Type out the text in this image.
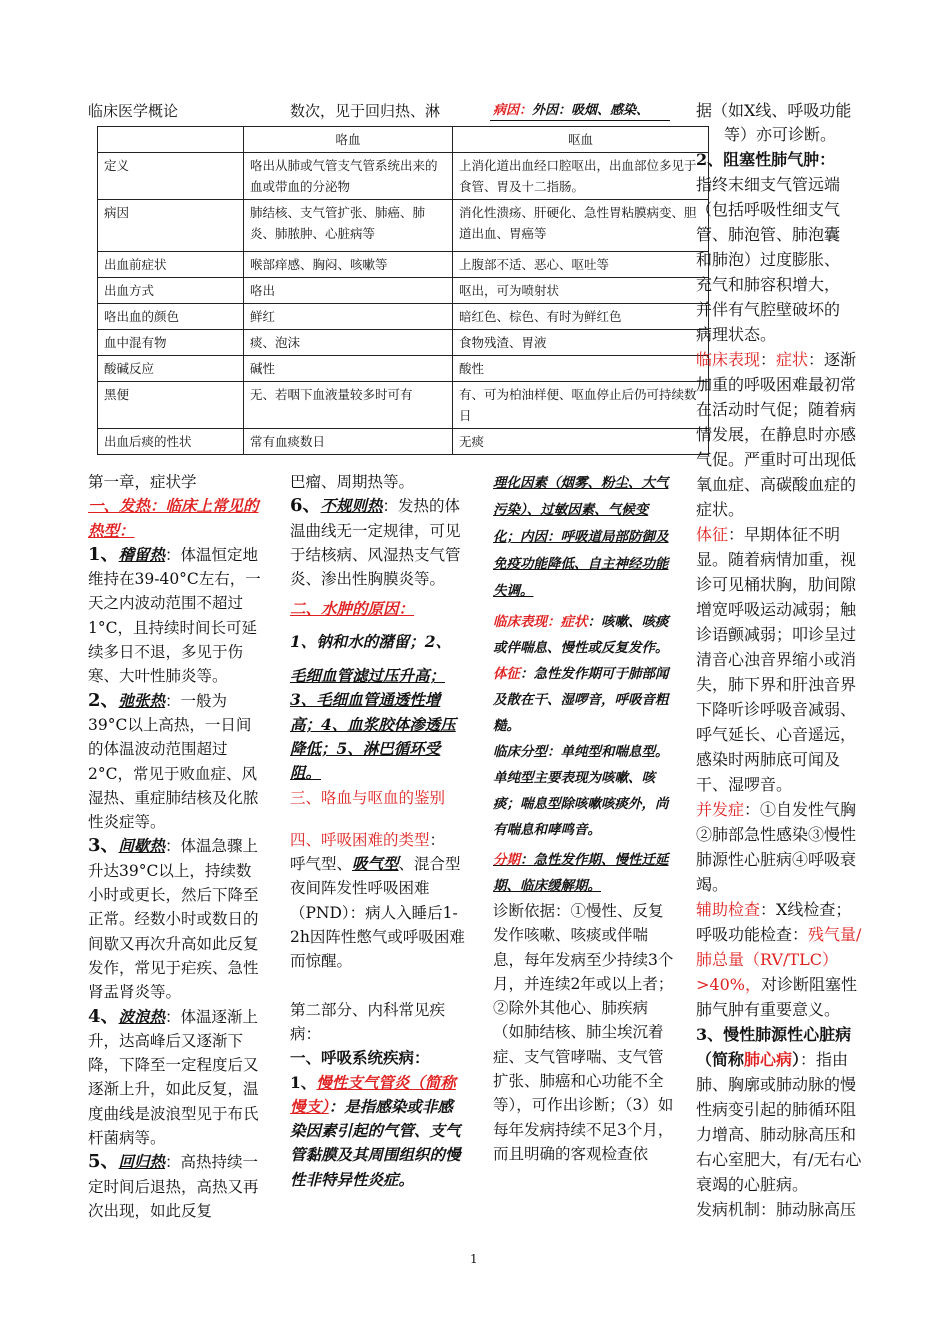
临床医学概论	数次，见于回归热、淋	病因：外因：吸烟、感染、	据（如X线、呼吸功能
	咯血	呕血
定义	咯出从肺或气管支气管系统出来的血或带血的分泌物	上消化道出血经口腔呕出，出血部位多见于食管、胃及十二指肠。
病因	肺结核、支气管扩张、肺癌、肺炎、肺脓肿、心脏病等	消化性溃疡、肝硬化、急性胃粘膜病变、胆道出血、胃癌等
出血前症状	喉部痒感、胸闷、咳嗽等	上腹部不适、恶心、呕吐等
出血方式	咯出	呕出，可为喷射状
咯出血的颜色	鲜红	暗红色、棕色、有时为鲜红色
血中混有物	痰、泡沫	食物残渣、胃液
酸碱反应	碱性	酸性
黑便	无、若咽下血液量较多时可有	有、可为柏油样便、呕血停止后仍可持续数日
出血后痰的性状	常有血痰数日	无痰

第一章，症状学

一、发热：临床上常见的热型：

1、稽留热：体温恒定地维持在39-40°C左右，一天之内波动范围不超过1°C，且持续时间长可延续多日不退，多见于伤寒、大叶性肺炎等。

2、弛张热：一般为39°C以上高热，一日间的体温波动范围超过2°C，常见于败血症、风湿热、重症肺结核及化脓性炎症等。

3、间歇热：体温急骤上升达39°C以上，持续数小时或更长，然后下降至正常。经数小时或数日的间歇又再次升高如此反复发作，常见于疟疾、急性肾盂肾炎等。

4、波浪热：体温逐渐上升，达高峰后又逐渐下降，下降至一定程度后又逐渐上升，如此反复，温度曲线是波浪型见于布氏杆菌病等。

5、回归热：高热持续一定时间后退热，高热又再次出现，如此反复

巴瘤、周期热等。

6、不规则热：发热的体温曲线无一定规律，可见于结核病、风湿热支气管炎、渗出性胸膜炎等。

二、水肿的原因：

1、钠和水的潴留；2、

毛细血管滤过压升高；

3、毛细血管通透性增高；4、血浆胶体渗透压降低；5、淋巴循环受阻。

三、咯血与呕血的鉴别

四、呼吸困难的类型：

呼气型、吸气型、混合型

夜间阵发性呼吸困难（PND）：病人入睡后1-2h因阵性憋气或呼吸困难而惊醒。

第二部分、内科常见疾病：

一、呼吸系统疾病：

1、慢性支气管炎（简称慢支）：是指感染或非感染因素引起的气管、支气管黏膜及其周围组织的慢性非特异性炎症。

理化因素（烟雾、粉尘、大气污染）、过敏因素、气候变化；内因：呼吸道局部防御及免疫功能降低、自主神经功能失调。

临床表现：症状：咳嗽、咳痰或伴喘息、慢性或反复发作。

体征：急性发作期可于肺部闻及散在干、湿啰音，呼吸音粗糙。

临床分型：单纯型和喘息型。单纯型主要表现为咳嗽、咳痰；喘息型除咳嗽咳痰外，尚有喘息和哮鸣音。

分期：急性发作期、慢性迁延期、临床缓解期。

诊断依据：①慢性、反复发作咳嗽、咳痰或伴喘息，每年发病至少持续3个月，并连续2年或以上者；②除外其他心、肺疾病（如肺结核、肺尘埃沉着症、支气管哮喘、支气管扩张、肺癌和心功能不全等），可作出诊断；（3）如每年发病持续不足3个月，而且明确的客观检查依

等）亦可诊断。

2、阻塞性肺气肿：

指终末细支气管远端（包括呼吸性细支气管、肺泡管、肺泡囊和肺泡）过度膨胀、充气和肺容积增大，并伴有气腔壁破坏的病理状态。

临床表现：症状：逐渐加重的呼吸困难最初常在活动时气促；随着病情发展，在静息时亦感气促。严重时可出现低氧血症、高碳酸血症的症状。

体征：早期体征不明显。随着病情加重，视诊可见桶状胸，肋间隙增宽呼吸运动减弱；触诊语颤减弱；叩诊呈过清音心浊音界缩小或消失，肺下界和肝浊音界下降听诊呼吸音减弱、呼气延长、心音遥远，感染时两肺底可闻及干、湿啰音。

并发症：①自发性气胸②肺部急性感染③慢性肺源性心脏病④呼吸衰竭。

辅助检查：X线检查；呼吸功能检查：残气量/肺总量（RV/TLC）>40%，对诊断阻塞性肺气肿有重要意义。

3、慢性肺源性心脏病（简称肺心病）：指由肺、胸廓或肺动脉的慢性病变引起的肺循环阻力增高、肺动脉高压和右心室肥大，有/无右心衰竭的心脏病。

发病机制：肺动脉高压

1
